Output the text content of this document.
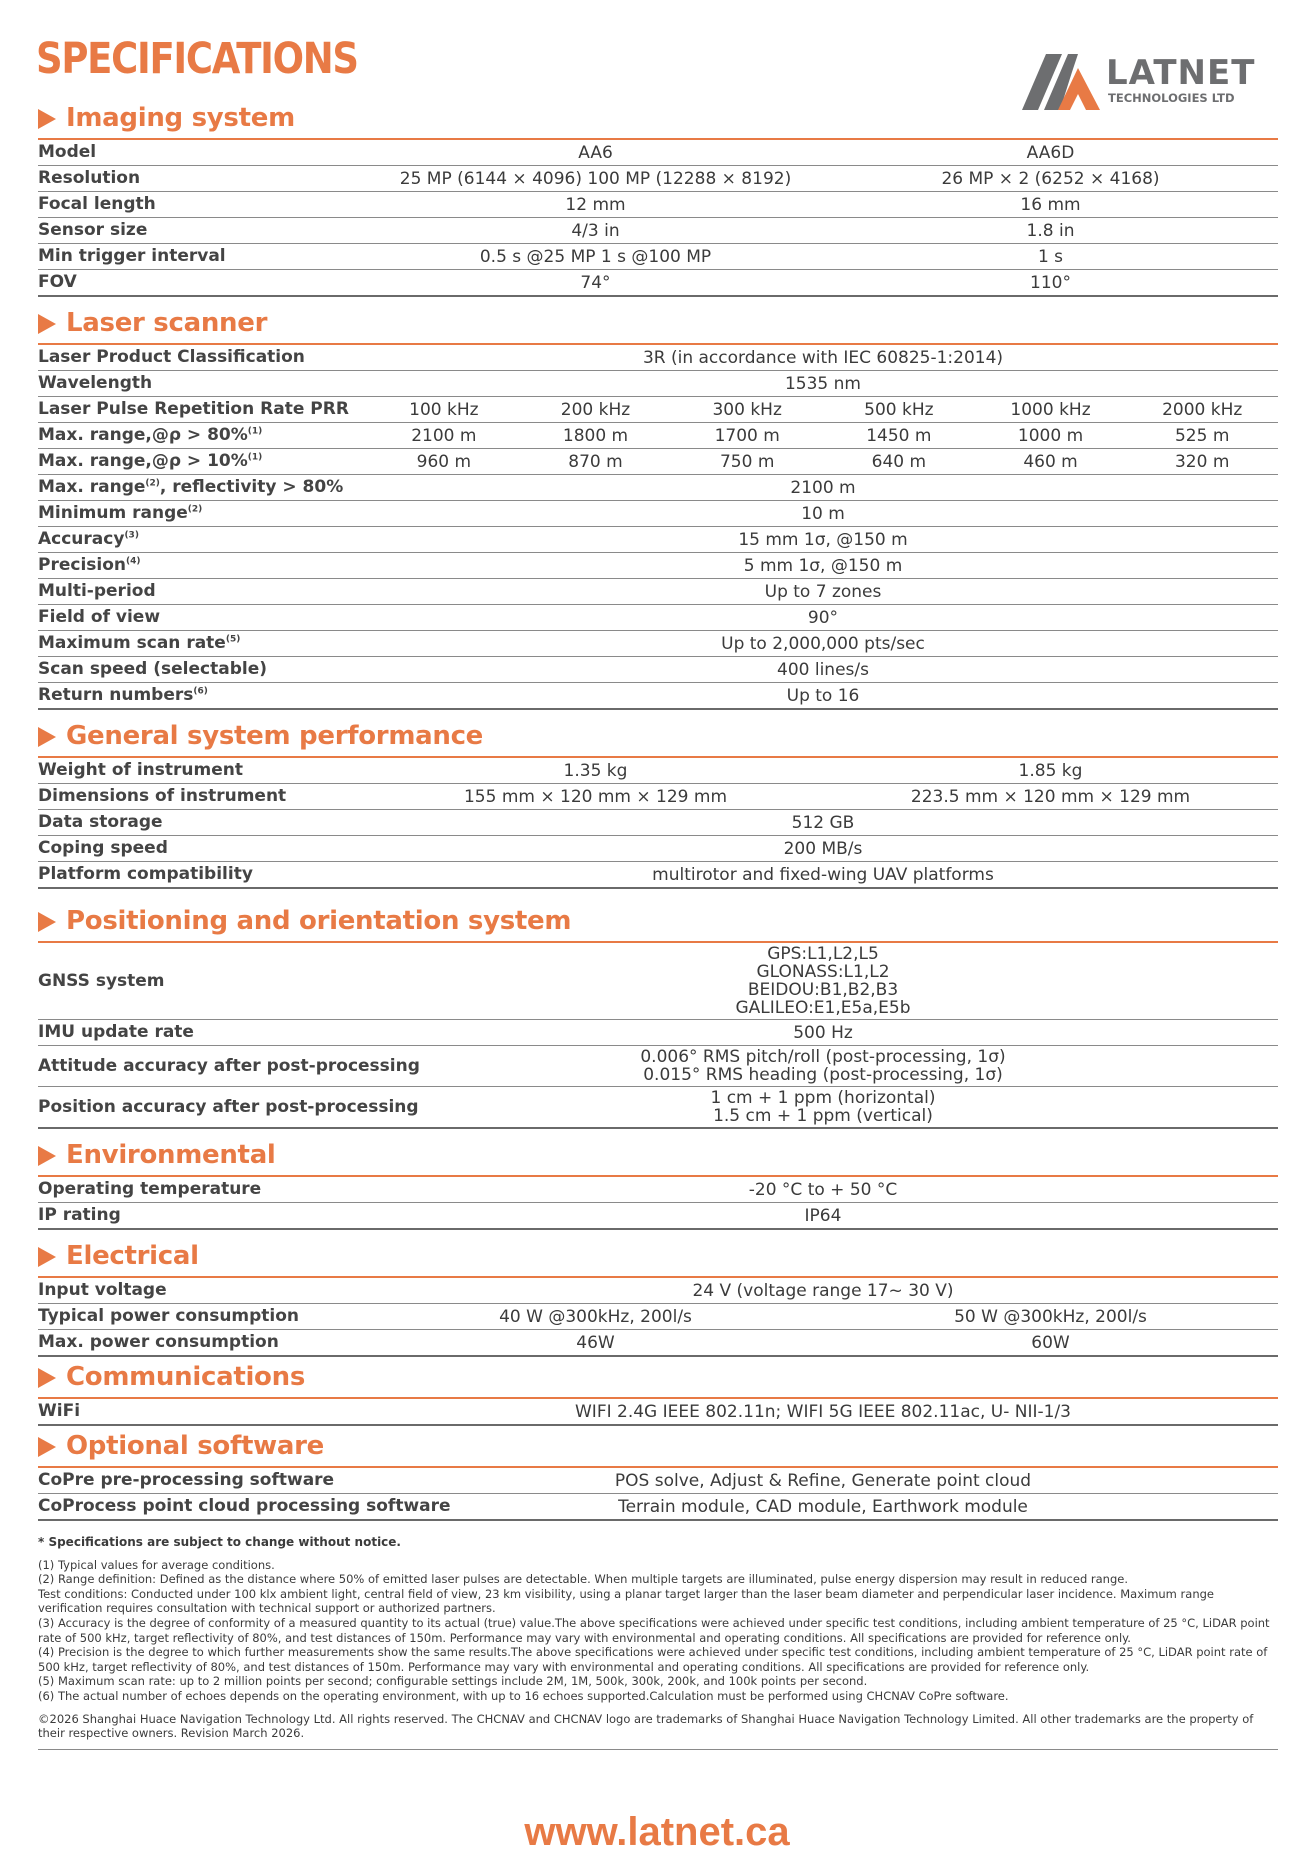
SPECIFICATIONS	LATNET
TECHNOLOGIES LTD
Imaging system
Model	AA6	AA6D
Resolution	25 MP (6144 × 4096) 100 MP (12288 × 8192)	26 MP × 2 (6252 × 4168)
Focal length	12 mm	16 mm
Sensor size	4/3 in	1.8 in
Min trigger interval	0.5 s @25 MP 1 s @100 MP	1 s
FOV	74°	110°
Laser scanner
Laser Product Classification	3R (in accordance with IEC 60825-1:2014)
Wavelength	1535 nm
Laser Pulse Repetition Rate PRR	100 kHz	200 kHz	300 kHz	500 kHz	1000 kHz	2000 kHz
Max. range,@ρ > 80%$^{(1)}$	2100 m	1800 m	1700 m	1450 m	1000 m	525 m
Max. range,@ρ > 10%$^{(1)}$	960 m	870 m	750 m	640 m	460 m	320 m
Max. range$^{(2)}$, reflectivity > 80%	2100 m
Minimum range$^{(2)}$	10 m
Accuracy$^{(3)}$	15 mm 1σ, @150 m
Precision$^{(4)}$	5 mm 1σ, @150 m
Multi-period	Up to 7 zones
Field of view	90°
Maximum scan rate$^{(5)}$	Up to 2,000,000 pts/sec
Scan speed (selectable)	400 lines/s
Return numbers$^{(6)}$	Up to 16
General system performance
Weight of instrument	1.35 kg	1.85 kg
Dimensions of instrument	155 mm × 120 mm × 129 mm	223.5 mm × 120 mm × 129 mm
Data storage	512 GB
Coping speed	200 MB/s
Platform compatibility	multirotor and fixed-wing UAV platforms
Positioning and orientation system
GNSS system
GPS:L1,L2,L5
GLONASS:L1,L2
BEIDOU:B1,B2,B3
GALILEO:E1,E5a,E5b
IMU update rate	500 Hz
Attitude accuracy after post-processing	0.006° RMS pitch/roll (post-processing, 1σ)
0.015° RMS heading (post-processing, 1σ)
Position accuracy after post-processing	1 cm + 1 ppm (horizontal)
1.5 cm + 1 ppm (vertical)
Environmental
Operating temperature	-20 °C to + 50 °C
IP rating	IP64
Electrical
Input voltage	24 V (voltage range 17~ 30 V)
Typical power consumption	40 W @300kHz, 200l/s	50 W @300kHz, 200l/s
Max. power consumption	46W	60W
Communications
WiFi	WIFI 2.4G IEEE 802.11n; WIFI 5G IEEE 802.11ac, U- NII-1/3
Optional software
CoPre pre-processing software	POS solve, Adjust & Refine, Generate point cloud
CoProcess point cloud processing software	Terrain module, CAD module, Earthwork module
* Specifications are subject to change without notice.
(1) Typical values for average conditions.
(2) Range definition: Defined as the distance where 50% of emitted laser pulses are detectable. When multiple targets are illuminated, pulse energy dispersion may result in reduced range.
Test conditions: Conducted under 100 klx ambient light, central field of view, 23 km visibility, using a planar target larger than the laser beam diameter and perpendicular laser incidence. Maximum range verification requires consultation with technical support or authorized partners.
(3) Accuracy is the degree of conformity of a measured quantity to its actual (true) value.The above specifications were achieved under specific test conditions, including ambient temperature of 25 °C, LiDAR point rate of 500 kHz, target reflectivity of 80%, and test distances of 150m. Performance may vary with environmental and operating conditions. All specifications are provided for reference only.
(4) Precision is the degree to which further measurements show the same results.The above specifications were achieved under specific test conditions, including ambient temperature of 25 °C, LiDAR point rate of 500 kHz, target reflectivity of 80%, and test distances of 150m. Performance may vary with environmental and operating conditions. All specifications are provided for reference only.
(5) Maximum scan rate: up to 2 million points per second; configurable settings include 2M, 1M, 500k, 300k, 200k, and 100k points per second.
(6) The actual number of echoes depends on the operating environment, with up to 16 echoes supported.Calculation must be performed using CHCNAV CoPre software.
©2026 Shanghai Huace Navigation Technology Ltd. All rights reserved. The CHCNAV and CHCNAV logo are trademarks of Shanghai Huace Navigation Technology Limited. All other trademarks are the property of their respective owners. Revision March 2026.
www.latnet.ca
